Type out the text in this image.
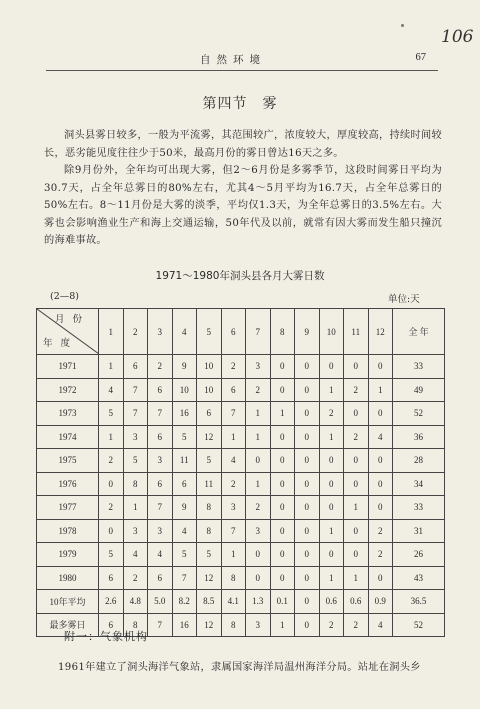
106
自然环境	67
第四节　雾

洞头县雾日较多，一般为平流雾，其范围较广，浓度较大，厚度较高，持续时间较长，恶劣能见度往往少于50米，最高月份的雾日曾达16天之多。

除9月份外，全年均可出现大雾，但2～6月份是多雾季节，这段时间雾日平均为30.7天，占全年总雾日的80%左右，尤其4～5月平均为16.7天，占全年总雾日的50%左右。8～11月份是大雾的淡季，平均仅1.3天，为全年总雾日的3.5%左右。大雾也会影响渔业生产和海上交通运输，50年代及以前，就常有因大雾而发生船只撞沉的海难事故。

1971～1980年洞头县各月大雾日数
(2—8)	单位:天
月份
年度	1	2	3	4	5	6	7	8	9	10	11	12	全 年
1971	1	6	2	9	10	2	3	0	0	0	0	0	33
1972	4	7	6	10	10	6	2	0	0	1	2	1	49
1973	5	7	7	16	6	7	1	1	0	2	0	0	52
1974	1	3	6	5	12	1	1	0	0	1	2	4	36
1975	2	5	3	11	5	4	0	0	0	0	0	0	28
1976	0	8	6	6	11	2	1	0	0	0	0	0	34
1977	2	1	7	9	8	3	2	0	0	0	1	0	33
1978	0	3	3	4	8	7	3	0	0	1	0	2	31
1979	5	4	4	5	5	1	0	0	0	0	0	2	26
1980	6	2	6	7	12	8	0	0	0	1	1	0	43
10年平均	2.6	4.8	5.0	8.2	8.5	4.1	1.3	0.1	0	0.6	0.6	0.9	36.5
最多雾日	6	8	7	16	12	8	3	1	0	2	2	4	52
附一：气象机构

1961年建立了洞头海洋气象站，隶属国家海洋局温州海洋分局。站址在洞头乡
